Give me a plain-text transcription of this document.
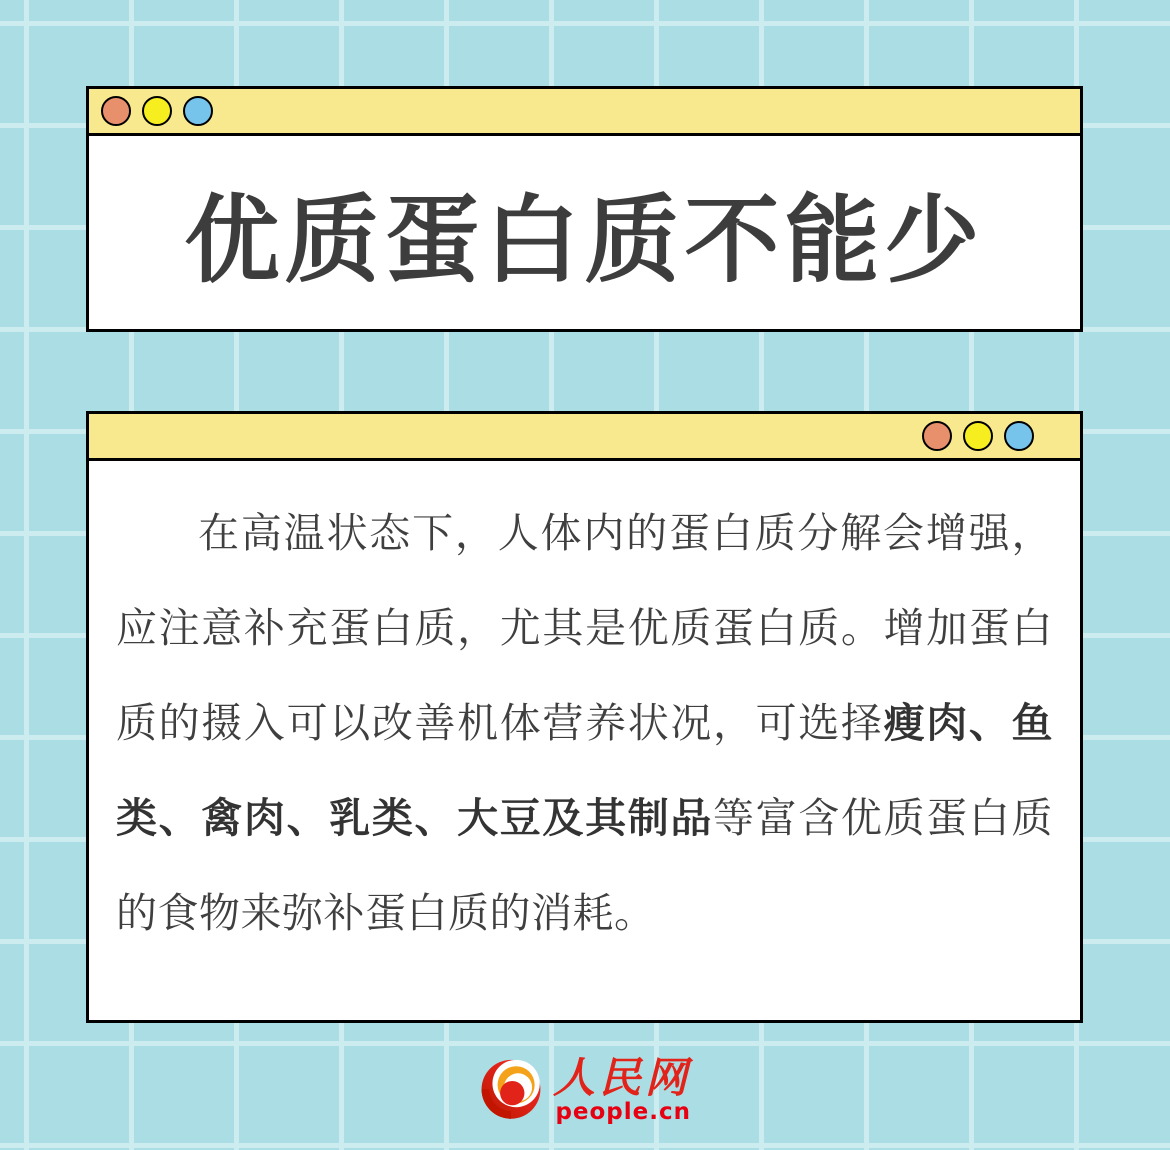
优质蛋白质不能少

在高温状态下，人体内的蛋白质分解会增强，应注意补充蛋白质，尤其是优质蛋白质。增加蛋白质的摄入可以改善机体营养状况，可选择瘦肉、鱼类、禽肉、乳类、大豆及其制品等富含优质蛋白质的食物来弥补蛋白质的消耗。

人民网
people.cn
